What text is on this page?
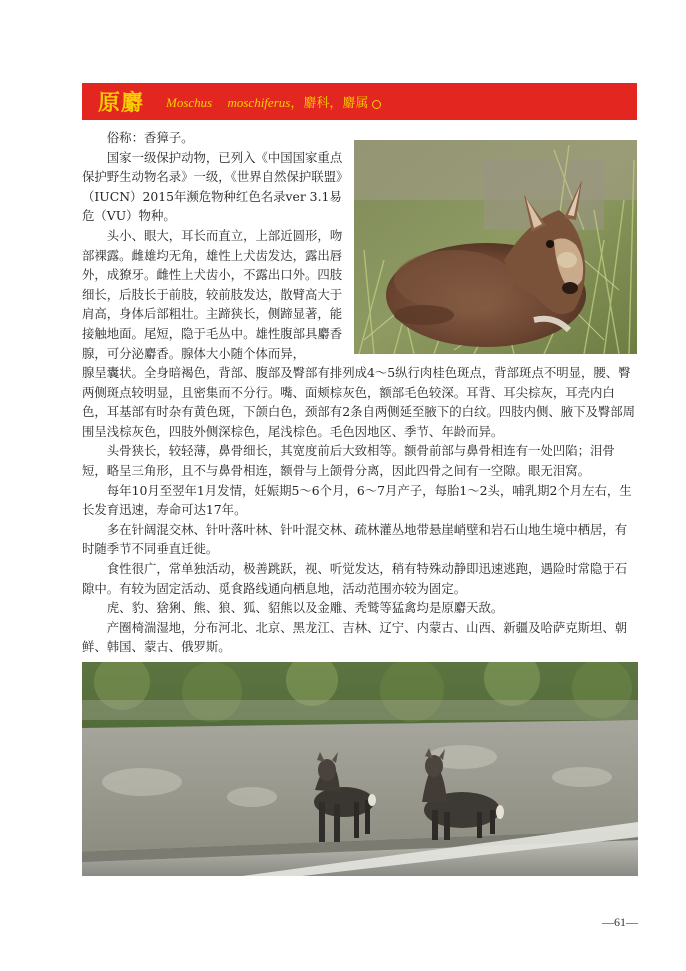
原麝 Moschus moschiferus，麝科，麝属

俗称：香獐子。

国家一级保护动物，已列入《中国国家重点保护野生动物名录》一级，《世界自然保护联盟》（IUCN）2015年濒危物种红色名录ver 3.1易危（VU）物种。

头小、眼大，耳长而直立，上部近圆形，吻部裸露。雌雄均无角，雄性上犬齿发达，露出唇外，成獠牙。雌性上犬齿小，不露出口外。四肢细长，后肢长于前肢，较前肢发达，散臂高大于肩高，身体后部粗壮。主蹄狭长，侧蹄显著，能接触地面。尾短，隐于毛丛中。雄性腹部具麝香腺，可分泌麝香。腺体大小随个体而异，

腺呈囊状。全身暗褐色，背部、腹部及臀部有排列成4～5纵行肉桂色斑点，背部斑点不明显，腰、臀两侧斑点较明显，且密集而不分行。嘴、面颊棕灰色，额部毛色较深。耳背、耳尖棕灰，耳壳内白色，耳基部有时杂有黄色斑，下颌白色，颈部有2条自两侧延至腋下的白纹。四肢内侧、腋下及臀部周围呈浅棕灰色，四肢外侧深棕色，尾浅棕色。毛色因地区、季节、年龄而异。

头骨狭长，较轻薄，鼻骨细长，其宽度前后大致相等。额骨前部与鼻骨相连有一处凹陷；泪骨短，略呈三角形，且不与鼻骨相连，额骨与上颌骨分离，因此四骨之间有一空隙。眼无泪窝。

每年10月至翌年1月发情，妊娠期5～6个月，6～7月产子，每胎1～2头，哺乳期2个月左右，生长发育迅速，寿命可达17年。

多在针阔混交林、针叶落叶林、针叶混交林、疏林灌丛地带悬崖峭壁和岩石山地生境中栖居，有时随季节不同垂直迁徙。

食性很广，常单独活动，极善跳跃，视、听觉发达，稍有特殊动静即迅速逃跑，遇险时常隐于石隙中。有较为固定活动、觅食路线通向栖息地，活动范围亦较为固定。

虎、豹、猞猁、熊、狼、狐、貂熊以及金雕、秃鹫等猛禽均是原麝天敌。

产圈椅湍湿地，分布河北、北京、黑龙江、吉林、辽宁、内蒙古、山西、新疆及哈萨克斯坦、朝鲜、韩国、蒙古、俄罗斯。

—61—
